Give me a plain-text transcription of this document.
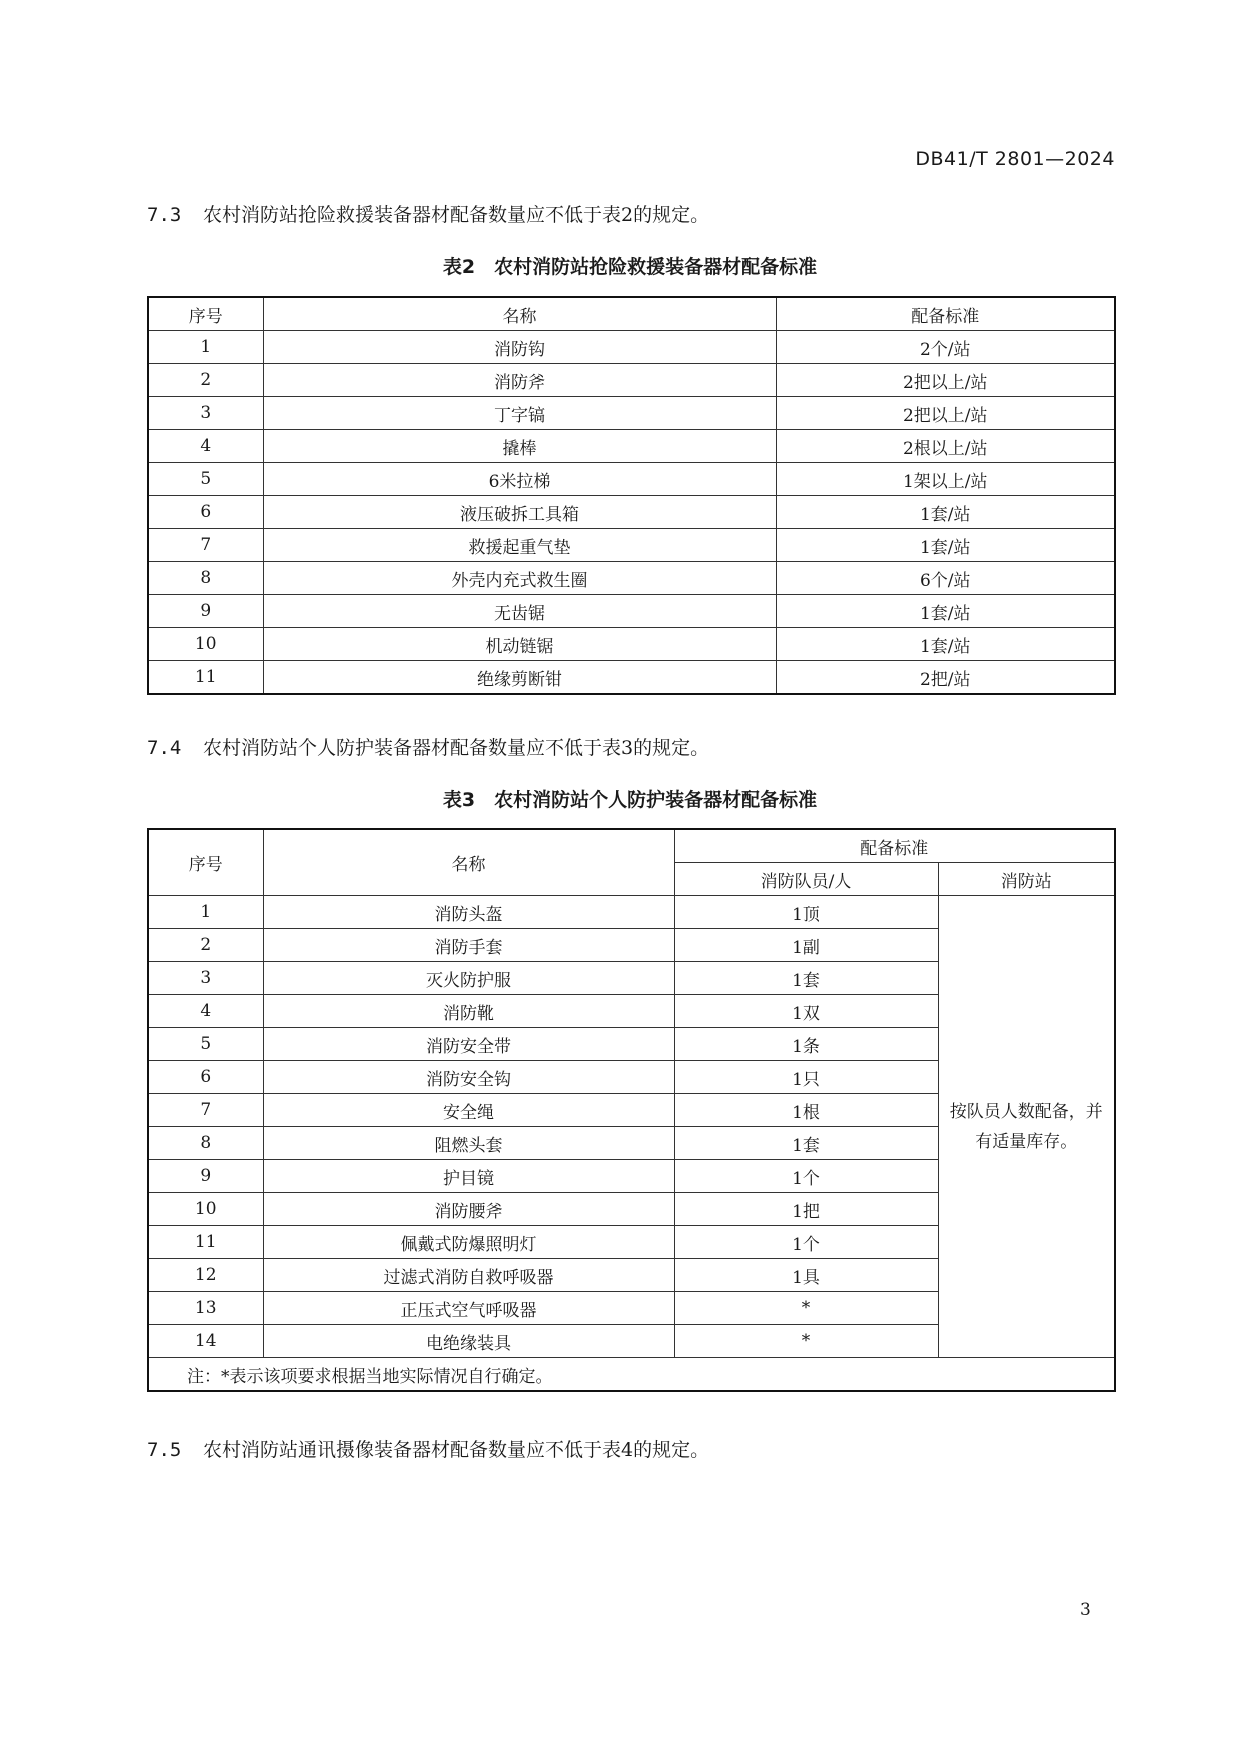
DB41/T 2801—2024
7.3 农村消防站抢险救援装备器材配备数量应不低于表2的规定。
表2　农村消防站抢险救援装备器材配备标准
序号	名称	配备标准
1	消防钩	2个/站
2	消防斧	2把以上/站
3	丁字镐	2把以上/站
4	撬棒	2根以上/站
5	6米拉梯	1架以上/站
6	液压破拆工具箱	1套/站
7	救援起重气垫	1套/站
8	外壳内充式救生圈	6个/站
9	无齿锯	1套/站
10	机动链锯	1套/站
11	绝缘剪断钳	2把/站
7.4 农村消防站个人防护装备器材配备数量应不低于表3的规定。
表3　农村消防站个人防护装备器材配备标准
序号	名称	配备标准	
		消防队员/人	消防站
1	消防头盔	1顶	按队员人数配备，并有适量库存。
2	消防手套	1副	
3	灭火防护服	1套	
4	消防靴	1双	
5	消防安全带	1条	
6	消防安全钩	1只	
7	安全绳	1根	
8	阻燃头套	1套	
9	护目镜	1个	
10	消防腰斧	1把	
11	佩戴式防爆照明灯	1个	
12	过滤式消防自救呼吸器	1具	
13	正压式空气呼吸器	*	
14	电绝缘装具	*	
注：*表示该项要求根据当地实际情况自行确定。			
7.5 农村消防站通讯摄像装备器材配备数量应不低于表4的规定。
3
